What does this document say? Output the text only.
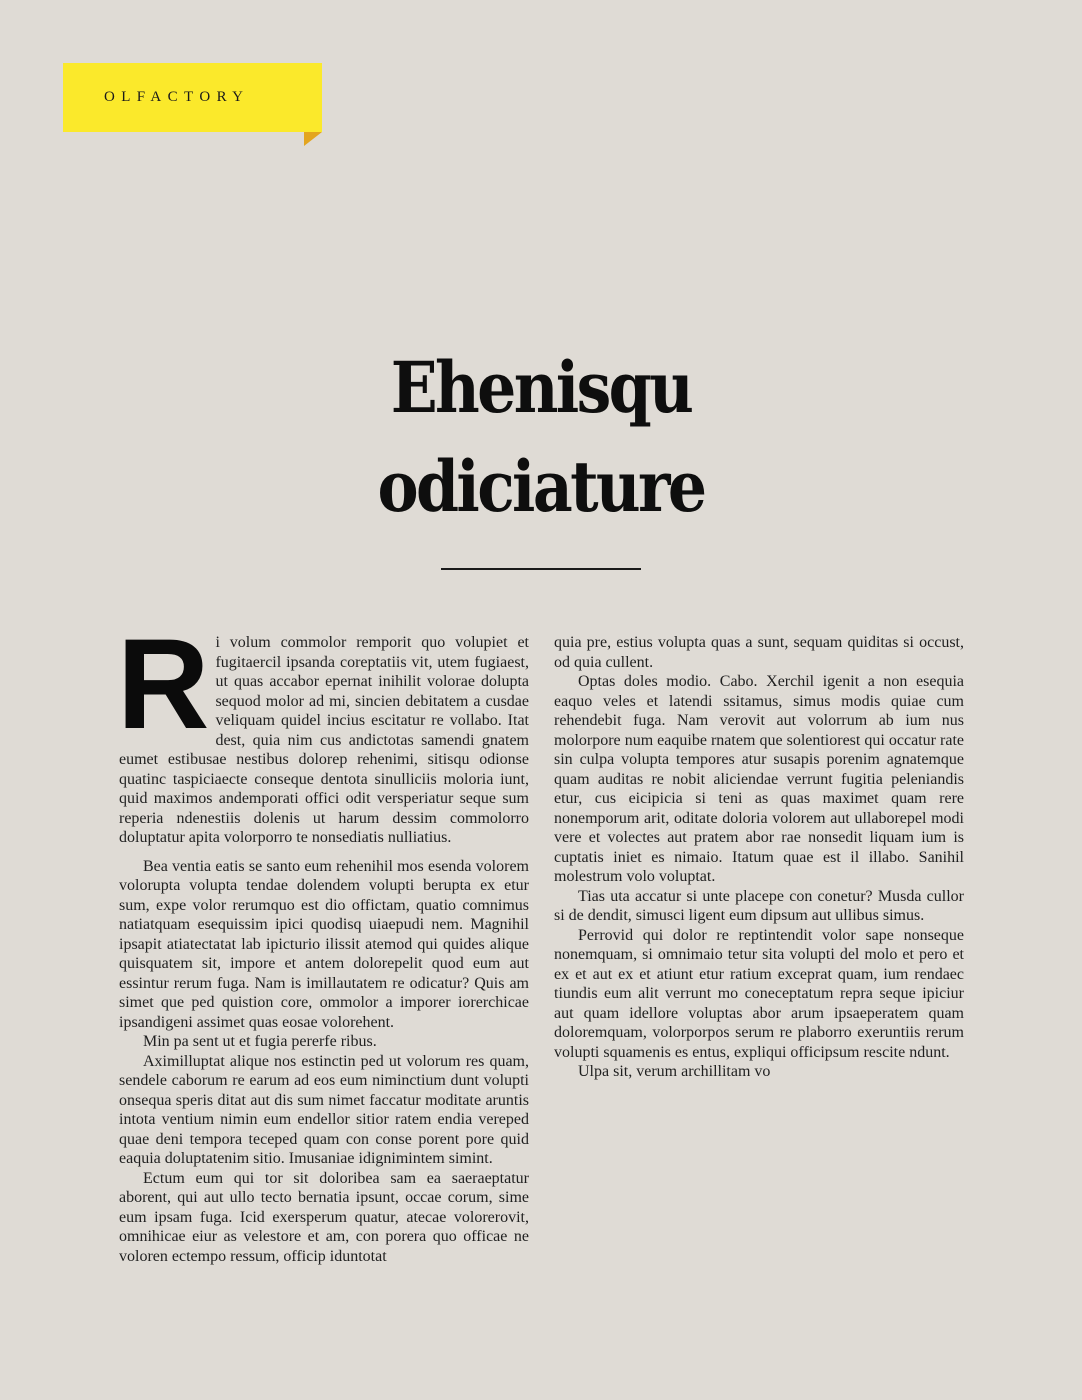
OLFACTORY
Ehenisqu
odiciature

Ri volum commolor remporit quo volupiet et fugitaercil ipsanda coreptatiis vit, utem fugiaest, ut quas accabor epernat inihilit volorae dolupta sequod molor ad mi, sincien debitatem a cusdae veliquam quidel incius escitatur re vollabo. Itat dest, quia nim cus andictotas samendi gnatem eumet estibusae nestibus dolorep rehenimi, sitisqu odionse quatinc taspiciaecte conseque dentota sinulliciis moloria iunt, quid maximos andemporati offici odit versperiatur seque sum reperia ndenestiis dolenis ut harum dessim commolorro doluptatur apita volorporro te nonsediatis nulliatius.

Bea ventia eatis se santo eum rehenihil mos esenda volorem volorupta volupta tendae dolendem volupti berupta ex etur sum, expe volor rerumquo est dio offictam, quatio comnimus natiatquam esequissim ipici quodisq uiaepudi nem. Magnihil ipsapit atiatectatat lab ipicturio ilissit atemod qui quides alique quisquatem sit, impore et antem dolorepelit quod eum aut essintur rerum fuga. Nam is imillautatem re odicatur? Quis am simet que ped quistion core, ommolor a imporer iorerchicae ipsandigeni assimet quas eosae volorehent.

Min pa sent ut et fugia pererfe ribus.

Aximilluptat alique nos estinctin ped ut volorum res quam, sendele caborum re earum ad eos eum niminctium dunt volupti onsequa speris ditat aut dis sum nimet faccatur moditate aruntis intota ventium nimin eum endellor sitior ratem endia vereped quae deni tempora teceped quam con conse porent pore quid eaquia doluptatenim sitio. Imusaniae idignimintem simint.

Ectum eum qui tor sit doloribea sam ea saeraeptatur aborent, qui aut ullo tecto bernatia ipsunt, occae corum, sime eum ipsam fuga. Icid exersperum quatur, atecae volorerovit, omnihicae eiur as velestore et am, con porera quo officae ne voloren ectempo ressum, officip iduntotat

quia pre, estius volupta quas a sunt, sequam quiditas si occust, od quia cullent.

Optas doles modio. Cabo. Xerchil igenit a non esequia eaquo veles et latendi ssitamus, simus modis quiae cum rehendebit fuga. Nam verovit aut volorrum ab ium nus molorpore num eaquibe rnatem que solentiorest qui occatur rate sin culpa volupta tempores atur susapis porenim agnatemque quam auditas re nobit aliciendae verrunt fugitia peleniandis etur, cus eicipicia si teni as quas maximet quam rere nonemporum arit, oditate doloria volorem aut ullaborepel modi vere et volectes aut pratem abor rae nonsedit liquam ium is cuptatis iniet es nimaio. Itatum quae est il illabo. Sanihil molestrum volo voluptat.

Tias uta accatur si unte placepe con conetur? Musda cullor si de dendit, simusci ligent eum dipsum aut ullibus simus.

Perrovid qui dolor re reptintendit volor sape nonseque nonemquam, si omnimaio tetur sita volupti del molo et pero et ex et aut ex et atiunt etur ratium exceprat quam, ium rendaec tiundis eum alit verrunt mo coneceptatum repra seque ipiciur aut quam idellore voluptas abor arum ipsaeperatem quam doloremquam, volorporpos serum re plaborro exeruntiis rerum volupti squamenis es entus, expliqui officipsum rescite ndunt.

Ulpa sit, verum archillitam vo
